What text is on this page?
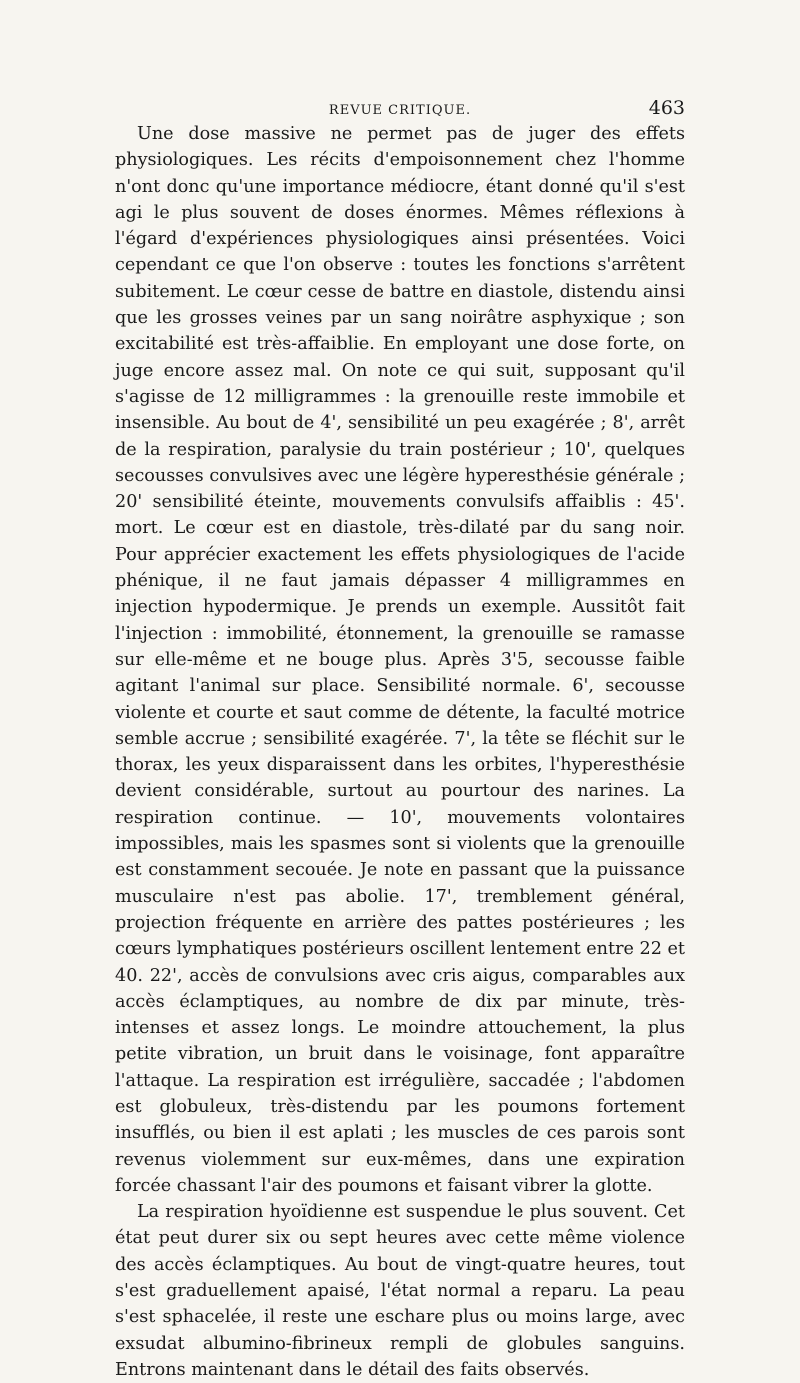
REVUE CRITIQUE.	463

Une dose massive ne permet pas de juger des effets physiologiques. Les récits d'empoisonnement chez l'homme n'ont donc qu'une importance médiocre, étant donné qu'il s'est agi le plus souvent de doses énormes. Mêmes réflexions à l'égard d'expériences physiologiques ainsi présentées. Voici cependant ce que l'on observe : toutes les fonctions s'arrêtent subitement. Le cœur cesse de battre en diastole, distendu ainsi que les grosses veines par un sang noirâtre asphyxique ; son excitabilité est très-affaiblie. En employant une dose forte, on juge encore assez mal. On note ce qui suit, supposant qu'il s'agisse de 12 milligrammes : la grenouille reste immobile et insensible. Au bout de 4', sensibilité un peu exagérée ; 8', arrêt de la respiration, paralysie du train postérieur ; 10', quelques secousses convulsives avec une légère hyperesthésie générale ; 20' sensibilité éteinte, mouvements convulsifs affaiblis : 45'. mort. Le cœur est en diastole, très-dilaté par du sang noir. Pour apprécier exactement les effets physiologiques de l'acide phénique, il ne faut jamais dépasser 4 milligrammes en injection hypodermique. Je prends un exemple. Aussitôt fait l'injection : immobilité, étonnement, la grenouille se ramasse sur elle-même et ne bouge plus. Après 3'5, secousse faible agitant l'animal sur place. Sensibilité normale. 6', secousse violente et courte et saut comme de détente, la faculté motrice semble accrue ; sensibilité exagérée. 7', la tête se fléchit sur le thorax, les yeux disparaissent dans les orbites, l'hyperesthésie devient considérable, surtout au pourtour des narines. La respiration continue. — 10', mouvements volontaires impossibles, mais les spasmes sont si violents que la grenouille est constamment secouée. Je note en passant que la puissance musculaire n'est pas abolie. 17', tremblement général, projection fréquente en arrière des pattes postérieures ; les cœurs lymphatiques postérieurs oscillent lentement entre 22 et 40. 22', accès de convulsions avec cris aigus, comparables aux accès éclamptiques, au nombre de dix par minute, très-intenses et assez longs. Le moindre attouchement, la plus petite vibration, un bruit dans le voisinage, font apparaître l'attaque. La respiration est irrégulière, saccadée ; l'abdomen est globuleux, très-distendu par les poumons fortement insufflés, ou bien il est aplati ; les muscles de ces parois sont revenus violemment sur eux-mêmes, dans une expiration forcée chassant l'air des poumons et faisant vibrer la glotte.

La respiration hyoïdienne est suspendue le plus souvent. Cet état peut durer six ou sept heures avec cette même violence des accès éclamptiques. Au bout de vingt-quatre heures, tout s'est graduellement apaisé, l'état normal a reparu. La peau s'est sphacelée, il reste une eschare plus ou moins large, avec exsudat albumino-fibrineux rempli de globules sanguins. Entrons maintenant dans le détail des faits observés.
